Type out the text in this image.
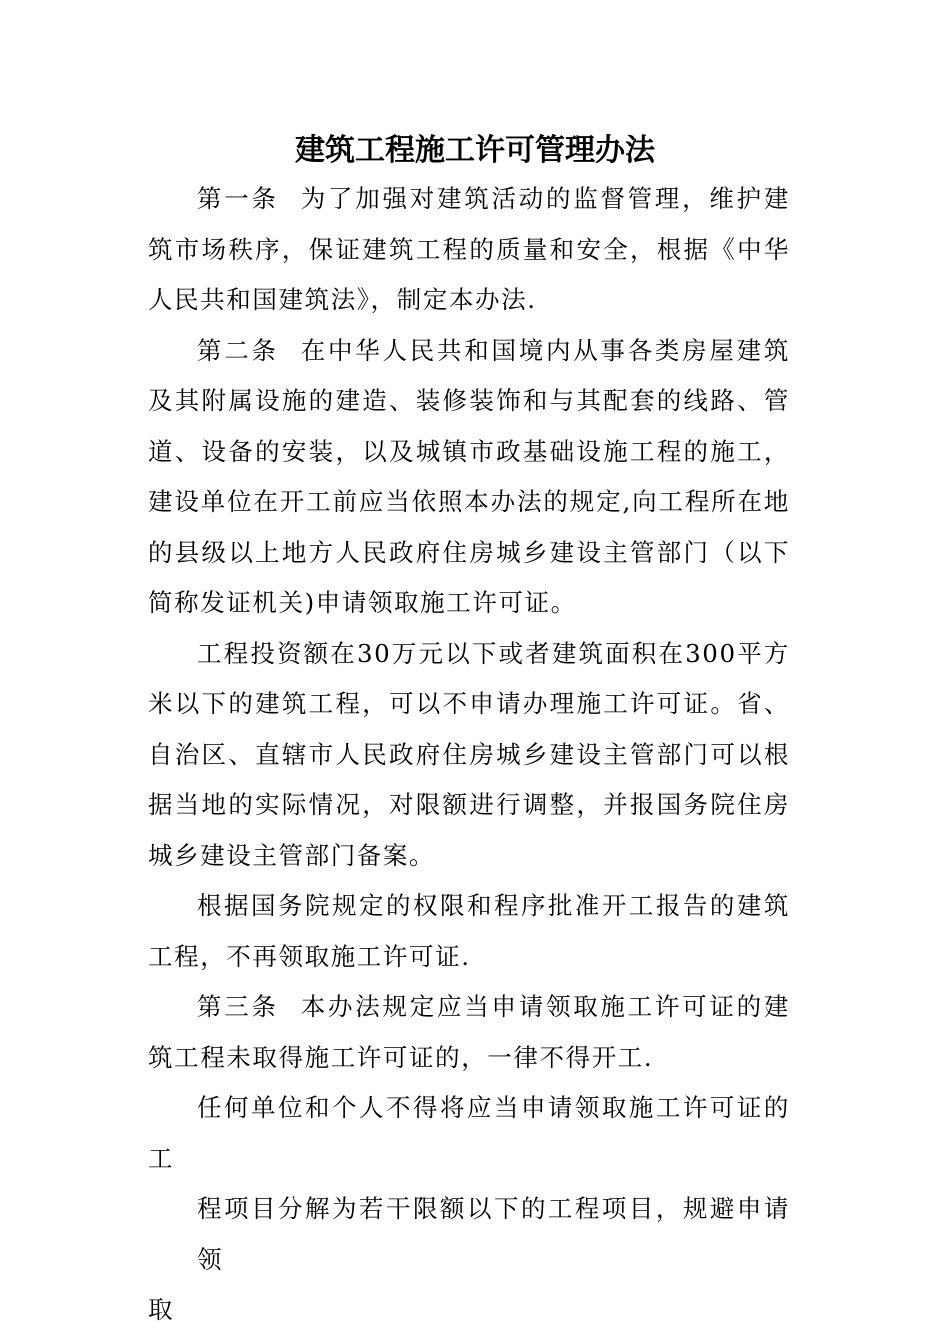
建筑工程施工许可管理办法

第一条 为了加强对建筑活动的监督管理，维护建筑市场秩序，保证建筑工程的质量和安全，根据《中华人民共和国建筑法》，制定本办法.

第二条 在中华人民共和国境内从事各类房屋建筑及其附属设施的建造、装修装饰和与其配套的线路、管道、设备的安装，以及城镇市政基础设施工程的施工，建设单位在开工前应当依照本办法的规定,向工程所在地的县级以上地方人民政府住房城乡建设主管部门（以下简称发证机关)申请领取施工许可证。

工程投资额在30万元以下或者建筑面积在300平方米以下的建筑工程，可以不申请办理施工许可证。省、自治区、直辖市人民政府住房城乡建设主管部门可以根据当地的实际情况，对限额进行调整，并报国务院住房城乡建设主管部门备案。

根据国务院规定的权限和程序批准开工报告的建筑工程，不再领取施工许可证.

第三条 本办法规定应当申请领取施工许可证的建筑工程未取得施工许可证的，一律不得开工.

任何单位和个人不得将应当申请领取施工许可证的工

程项目分解为若干限额以下的工程项目，规避申请领

取
